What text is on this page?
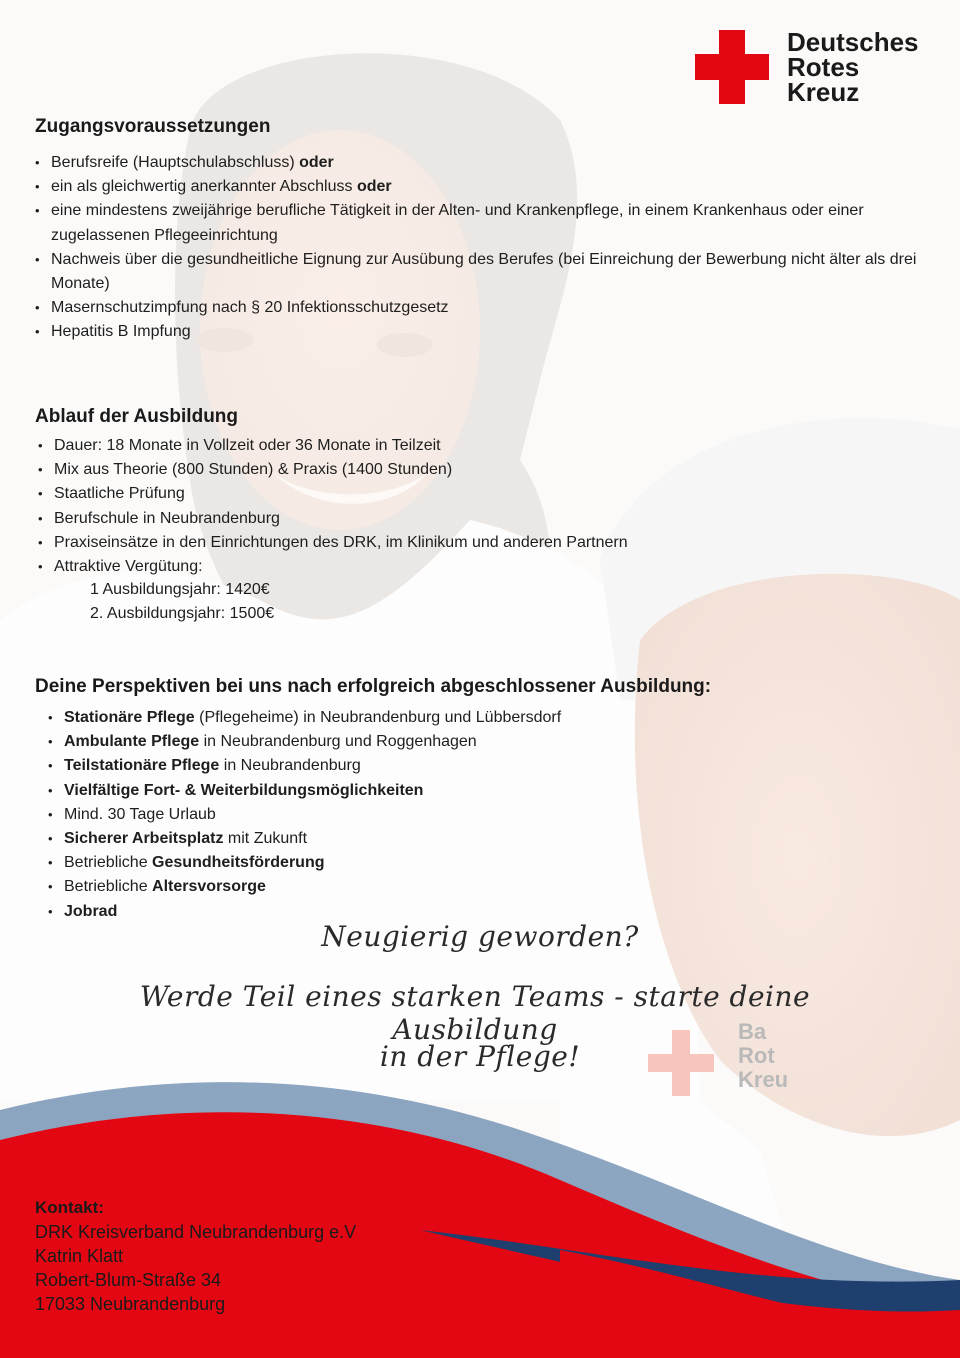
Ba
Rot
Kreu
Deutsches
Rotes
Kreuz
Zugangsvoraussetzungen
• Berufsreife (Hauptschulabschluss) oder
• ein als gleichwertig anerkannter Abschluss oder
• eine mindestens zweijährige berufliche Tätigkeit in der Alten- und Krankenpflege, in einem Krankenhaus oder einer zugelassenen Pflegeeinrichtung
• Nachweis über die gesundheitliche Eignung zur Ausübung des Berufes (bei Einreichung der Bewerbung nicht älter als drei Monate)
• Masernschutzimpfung nach § 20 Infektionsschutzgesetz
• Hepatitis B Impfung
Ablauf der Ausbildung
• Dauer: 18 Monate in Vollzeit oder 36 Monate in Teilzeit
• Mix aus Theorie (800 Stunden) & Praxis (1400 Stunden)
• Staatliche Prüfung
• Berufschule in Neubrandenburg
• Praxiseinsätze in den Einrichtungen des DRK, im Klinikum und anderen Partnern
• Attraktive Vergütung:
1 Ausbildungsjahr: 1420€
2. Ausbildungsjahr: 1500€
Deine Perspektiven bei uns nach erfolgreich abgeschlossener Ausbildung:
• Stationäre Pflege (Pflegeheime) in Neubrandenburg und Lübbersdorf
• Ambulante Pflege in Neubrandenburg und Roggenhagen
• Teilstationäre Pflege in Neubrandenburg
• Vielfältige Fort- & Weiterbildungsmöglichkeiten
• Mind. 30 Tage Urlaub
• Sicherer Arbeitsplatz mit Zukunft
• Betriebliche Gesundheitsförderung
• Betriebliche Altersvorsorge
• Jobrad
Neugierig geworden?
Werde Teil eines starken Teams - starte deine Ausbildung
in der Pflege!
Kontakt:
DRK Kreisverband Neubrandenburg e.V
Katrin Klatt
Robert-Blum-Straße 34
17033 Neubrandenburg
